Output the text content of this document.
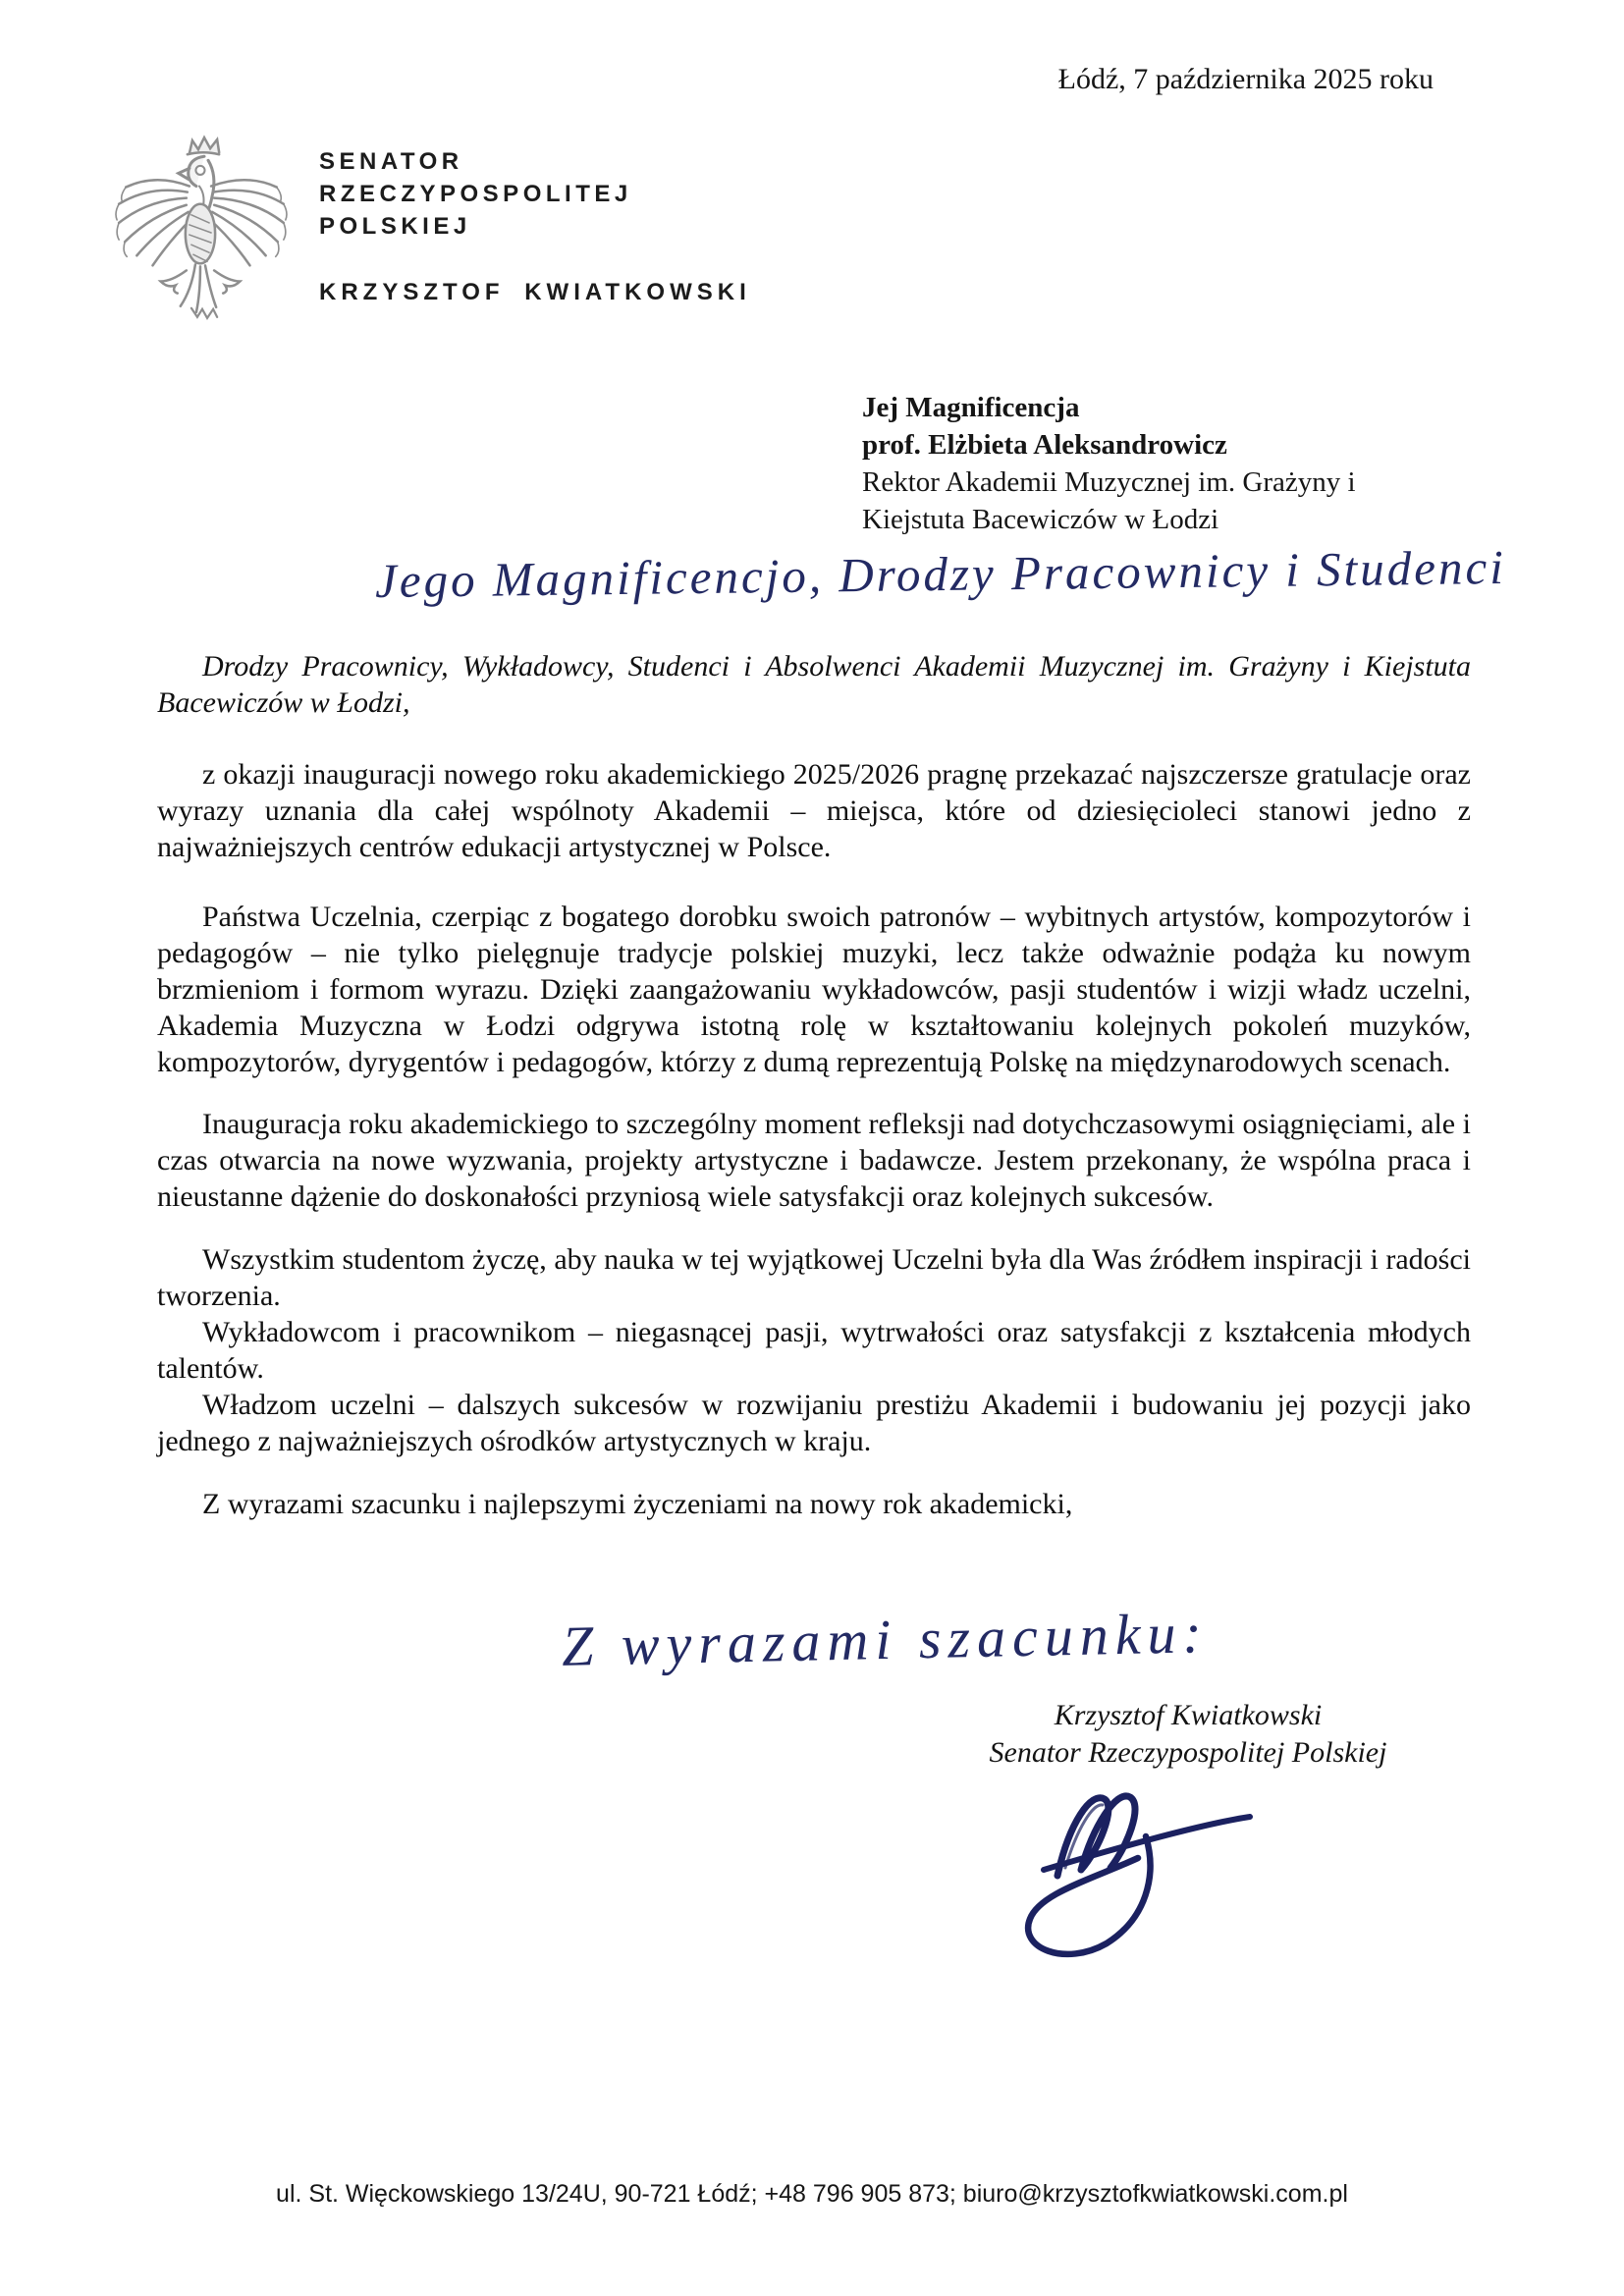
Łódź, 7 października 2025 roku
SENATOR
RZECZYPOSPOLITEJ
POLSKIEJ
KRZYSZTOF KWIATKOWSKI
Jej Magnificencja
prof. Elżbieta Aleksandrowicz
Rektor Akademii Muzycznej im. Grażyny i
Kiejstuta Bacewiczów w Łodzi
Jego Magnificencjo, Drodzy Pracownicy i Studenci

Drodzy Pracownicy, Wykładowcy, Studenci i Absolwenci Akademii Muzycznej im. Grażyny i Kiejstuta Bacewiczów w Łodzi,

z okazji inauguracji nowego roku akademickiego 2025/2026 pragnę przekazać najszczersze gratulacje oraz wyrazy uznania dla całej wspólnoty Akademii – miejsca, które od dziesięcioleci stanowi jedno z najważniejszych centrów edukacji artystycznej w Polsce.

Państwa Uczelnia, czerpiąc z bogatego dorobku swoich patronów – wybitnych artystów, kompozytorów i pedagogów – nie tylko pielęgnuje tradycje polskiej muzyki, lecz także odważnie podąża ku nowym brzmieniom i formom wyrazu. Dzięki zaangażowaniu wykładowców, pasji studentów i wizji władz uczelni, Akademia Muzyczna w Łodzi odgrywa istotną rolę w kształtowaniu kolejnych pokoleń muzyków, kompozytorów, dyrygentów i pedagogów, którzy z dumą reprezentują Polskę na międzynarodowych scenach.

Inauguracja roku akademickiego to szczególny moment refleksji nad dotychczasowymi osiągnięciami, ale i czas otwarcia na nowe wyzwania, projekty artystyczne i badawcze. Jestem przekonany, że wspólna praca i nieustanne dążenie do doskonałości przyniosą wiele satysfakcji oraz kolejnych sukcesów.

Wszystkim studentom życzę, aby nauka w tej wyjątkowej Uczelni była dla Was źródłem inspiracji i radości tworzenia.

Wykładowcom i pracownikom – niegasnącej pasji, wytrwałości oraz satysfakcji z kształcenia młodych talentów.

Władzom uczelni – dalszych sukcesów w rozwijaniu prestiżu Akademii i budowaniu jej pozycji jako jednego z najważniejszych ośrodków artystycznych w kraju.

Z wyrazami szacunku i najlepszymi życzeniami na nowy rok akademicki,

Z wyrazami szacunku:
Krzysztof Kwiatkowski
Senator Rzeczypospolitej Polskiej
ul. St. Więckowskiego 13/24U, 90-721 Łódź; +48 796 905 873; biuro@krzysztofkwiatkowski.com.pl
